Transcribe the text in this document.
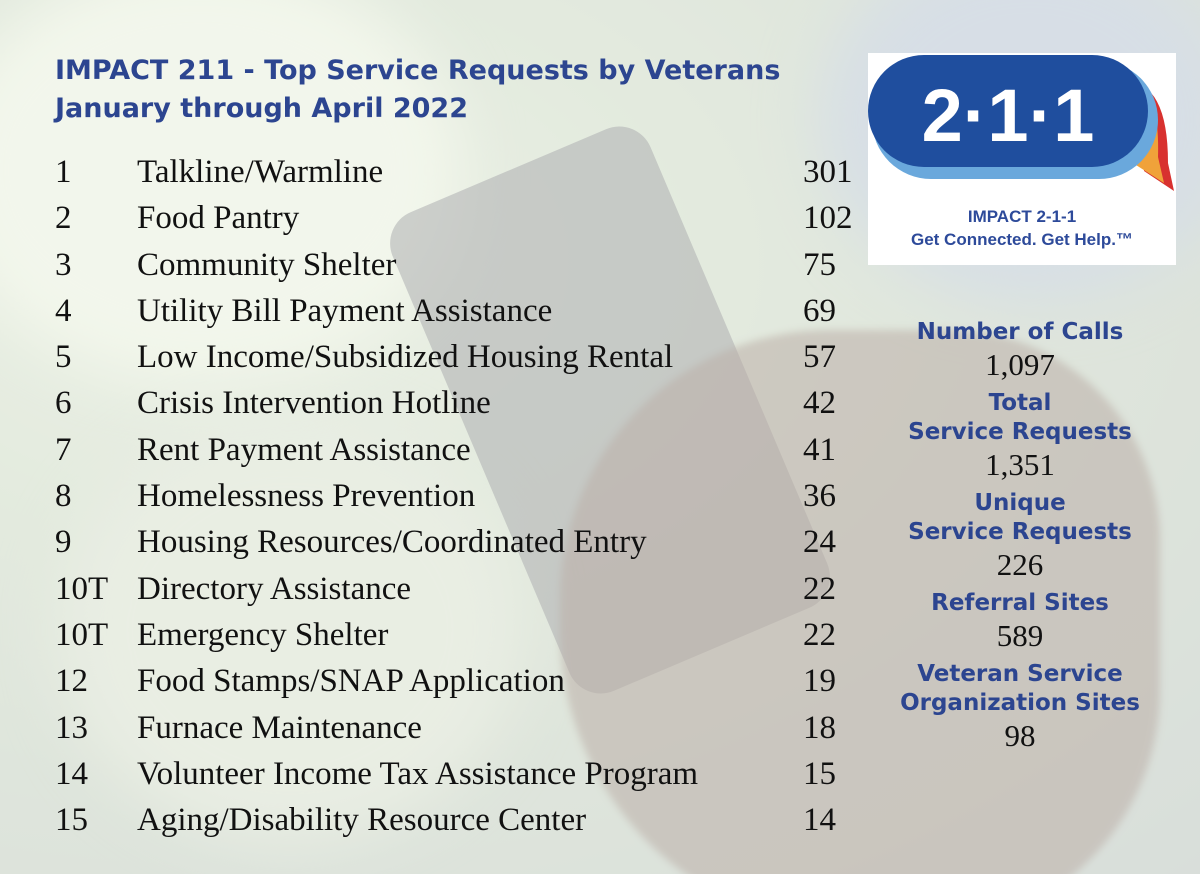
IMPACT 211 - Top Service Requests by Veterans
January through April 2022
1 Talkline/Warmline	301
2 Food Pantry	102
3 Community Shelter	75
4 Utility Bill Payment Assistance	69
5 Low Income/Subsidized Housing Rental	57
6 Crisis Intervention Hotline	42
7 Rent Payment Assistance	41
8 Homelessness Prevention	36
9 Housing Resources/Coordinated Entry	24
10T Directory Assistance	22
10T Emergency Shelter	22
12 Food Stamps/SNAP Application	19
13 Furnace Maintenance	18
14 Volunteer Income Tax Assistance Program	15
15 Aging/Disability Resource Center	14
2·1·1
IMPACT 2-1-1
Get Connected. Get Help.™
Number of Calls
1,097
Total
Service Requests
1,351
Unique
Service Requests
226
Referral Sites
589
Veteran Service
Organization Sites
98
